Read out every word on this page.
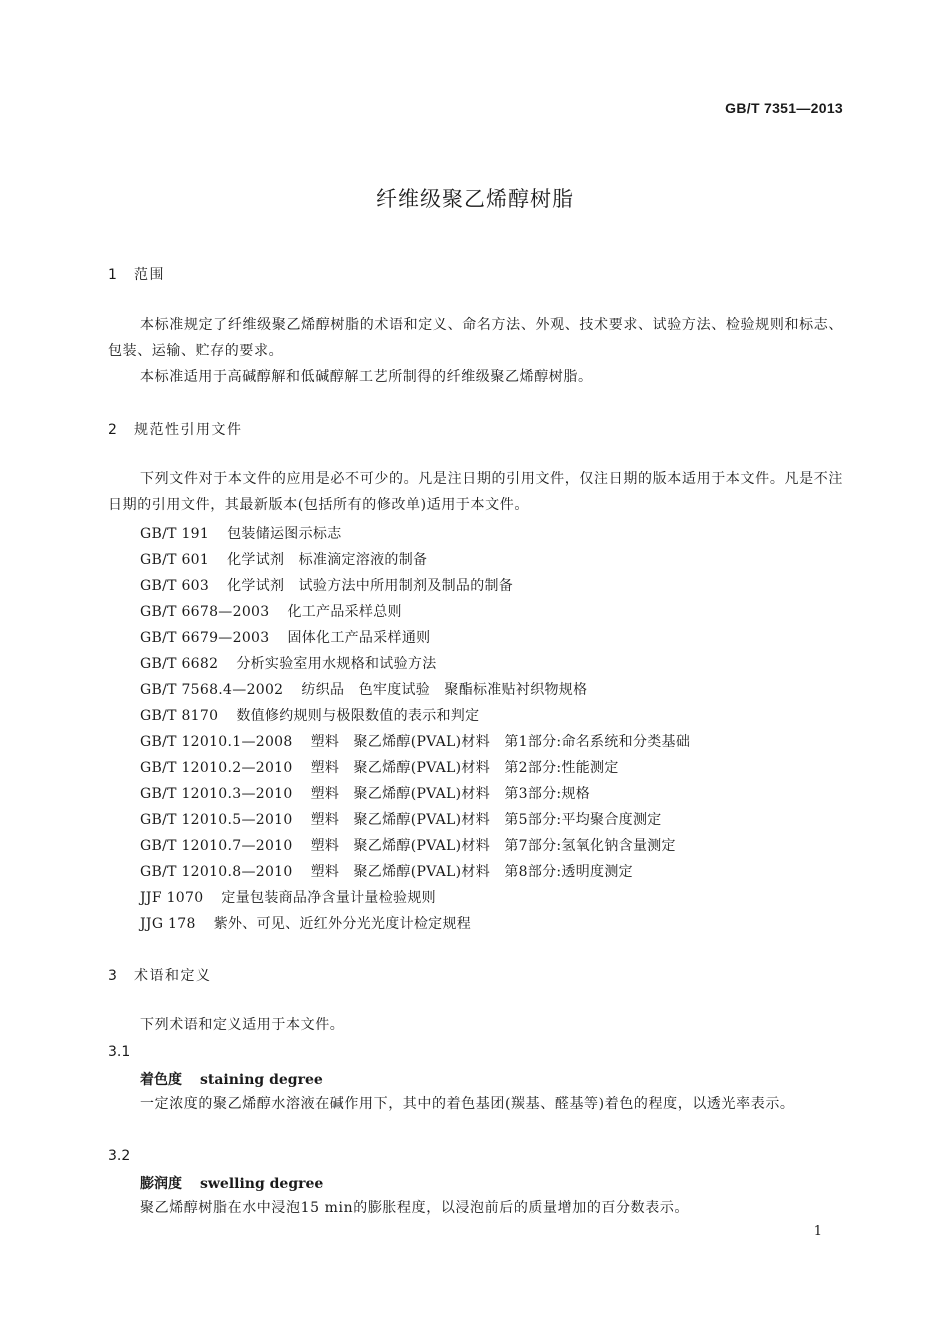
GB/T 7351—2013
纤维级聚乙烯醇树脂
1 范围

本标准规定了纤维级聚乙烯醇树脂的术语和定义、命名方法、外观、技术要求、试验方法、检验规则和标志、包装、运输、贮存的要求。

本标准适用于高碱醇解和低碱醇解工艺所制得的纤维级聚乙烯醇树脂。

2 规范性引用文件

下列文件对于本文件的应用是必不可少的。凡是注日期的引用文件，仅注日期的版本适用于本文件。凡是不注日期的引用文件，其最新版本(包括所有的修改单)适用于本文件。

GB/T 191 包装储运图示标志
GB/T 601 化学试剂　标准滴定溶液的制备
GB/T 603 化学试剂　试验方法中所用制剂及制品的制备
GB/T 6678—2003 化工产品采样总则
GB/T 6679—2003 固体化工产品采样通则
GB/T 6682 分析实验室用水规格和试验方法
GB/T 7568.4—2002 纺织品　色牢度试验　聚酯标准贴衬织物规格
GB/T 8170 数值修约规则与极限数值的表示和判定
GB/T 12010.1—2008 塑料　聚乙烯醇(PVAL)材料　第1部分:命名系统和分类基础
GB/T 12010.2—2010 塑料　聚乙烯醇(PVAL)材料　第2部分:性能测定
GB/T 12010.3—2010 塑料　聚乙烯醇(PVAL)材料　第3部分:规格
GB/T 12010.5—2010 塑料　聚乙烯醇(PVAL)材料　第5部分:平均聚合度测定
GB/T 12010.7—2010 塑料　聚乙烯醇(PVAL)材料　第7部分:氢氧化钠含量测定
GB/T 12010.8—2010 塑料　聚乙烯醇(PVAL)材料　第8部分:透明度测定
JJF 1070 定量包装商品净含量计量检验规则
JJG 178 紫外、可见、近红外分光光度计检定规程
3 术语和定义

下列术语和定义适用于本文件。

3.1
着色度 staining degree

一定浓度的聚乙烯醇水溶液在碱作用下，其中的着色基团(羰基、醛基等)着色的程度，以透光率表示。

3.2
膨润度 swelling degree

聚乙烯醇树脂在水中浸泡15 min的膨胀程度，以浸泡前后的质量增加的百分数表示。

1
